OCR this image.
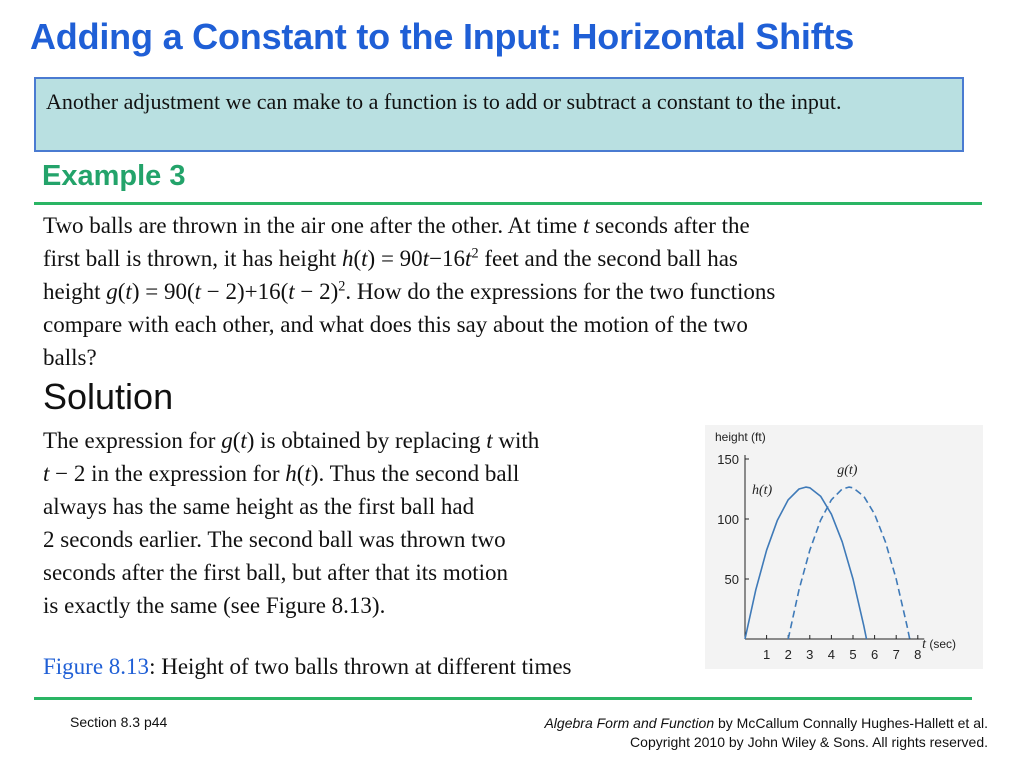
Adding a Constant to the Input: Horizontal Shifts
Another adjustment we can make to a function is to add or subtract a constant to the input.
Example 3
Two balls are thrown in the air one after the other. At time t seconds after the
first ball is thrown, it has height $h(t) = 90t-16t^2$ feet and the second ball has
height $g(t) = 90(t - 2)+16(t - 2)^2$. How do the expressions for the two functions
compare with each other, and what does this say about the motion of the two
balls?
Solution
The expression for g(t) is obtained by replacing t with
t − 2 in the expression for h(t). Thus the second ball
always has the same height as the first ball had
2 seconds earlier. The second ball was thrown two
seconds after the first ball, but after that its motion
is exactly the same (see Figure 8.13).
Figure 8.13: Height of two balls thrown at different times	1 2 3 4 5 6 7 8
50
100
150
height (ft)
t (sec)
h(t)
g(t)
Section 8.3 p44	Algebra Form and Function by McCallum Connally Hughes-Hallett et al.
Copyright 2010 by John Wiley & Sons. All rights reserved.
